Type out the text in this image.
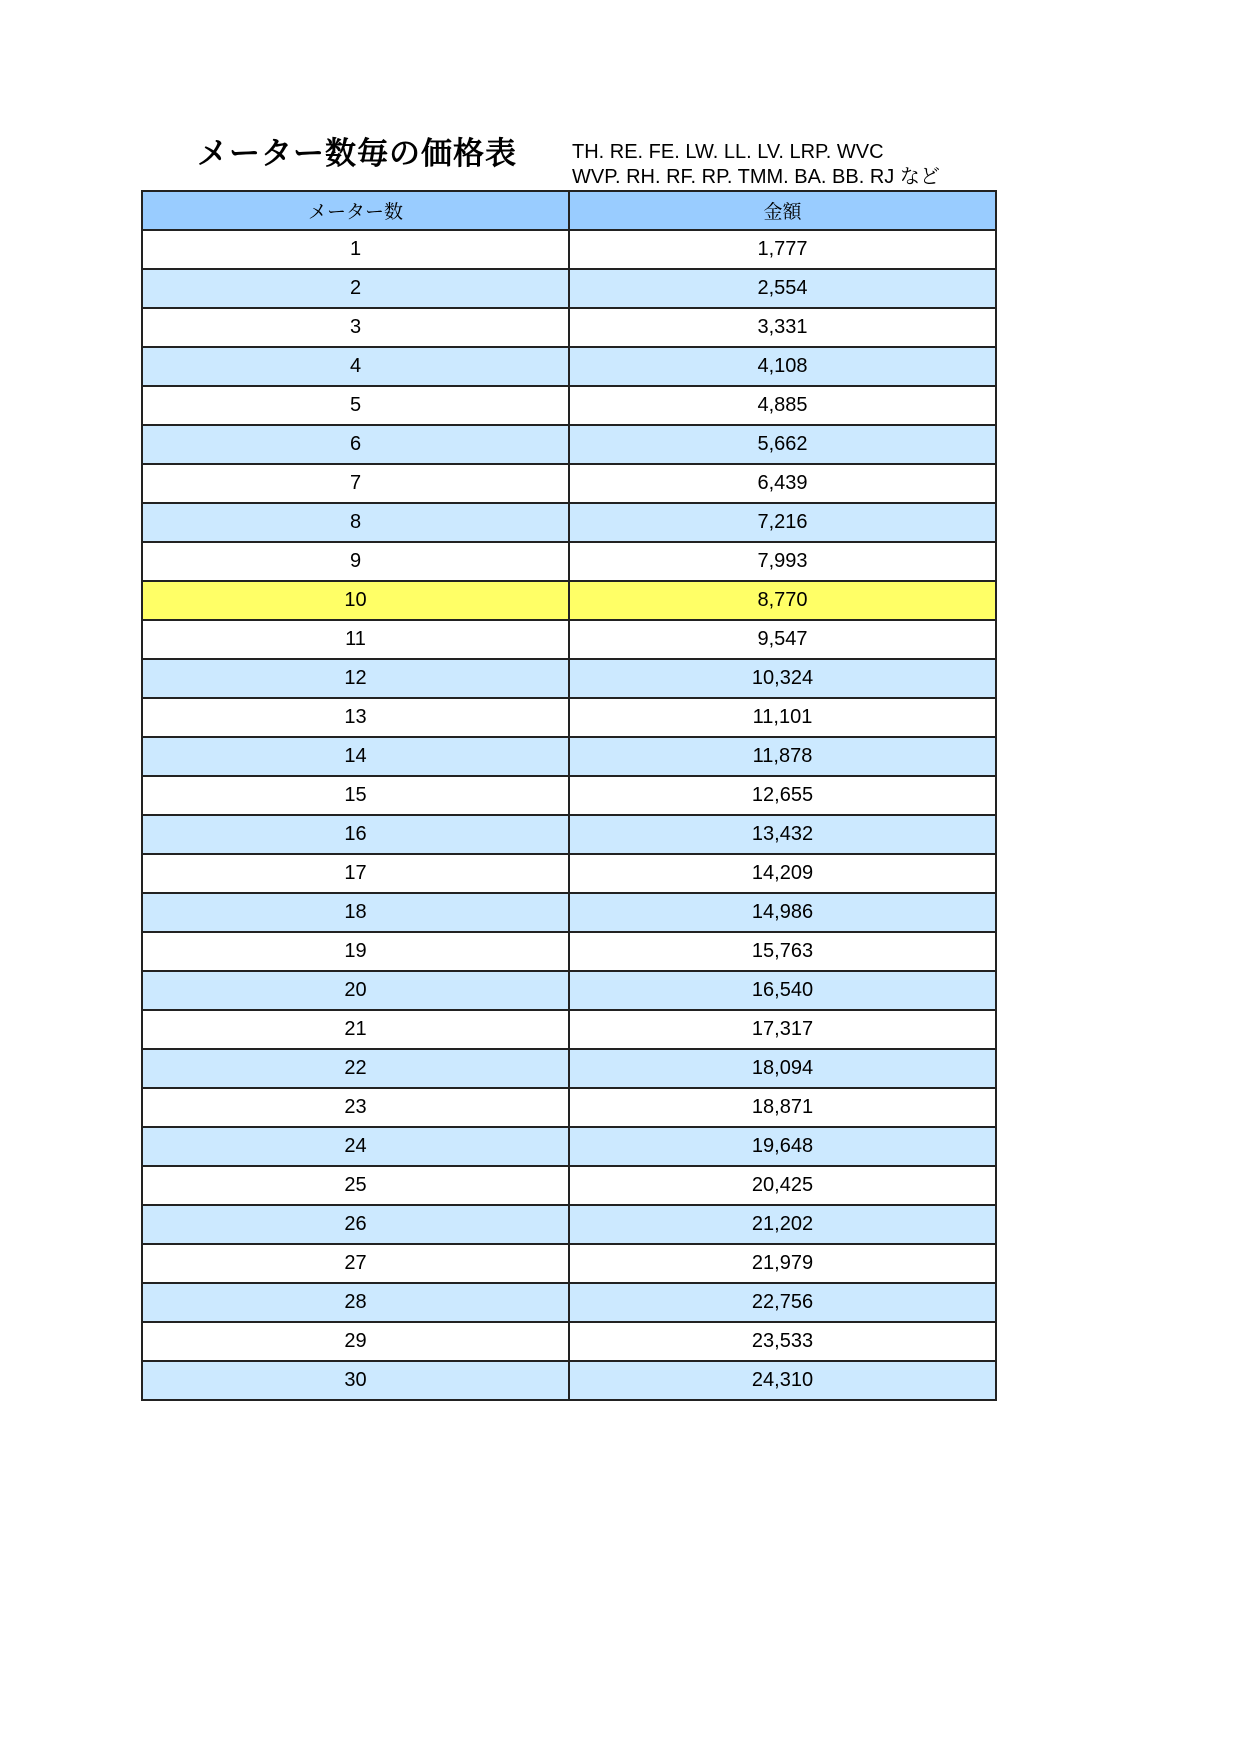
メーター数毎の価格表	TH. RE. FE. LW. LL. LV. LRP. WVC
WVP. RH. RF. RP. TMM. BA. BB. RJ など
メーター数	金額
1	1,777
2	2,554
3	3,331
4	4,108
5	4,885
6	5,662
7	6,439
8	7,216
9	7,993
10	8,770
11	9,547
12	10,324
13	11,101
14	11,878
15	12,655
16	13,432
17	14,209
18	14,986
19	15,763
20	16,540
21	17,317
22	18,094
23	18,871
24	19,648
25	20,425
26	21,202
27	21,979
28	22,756
29	23,533
30	24,310
